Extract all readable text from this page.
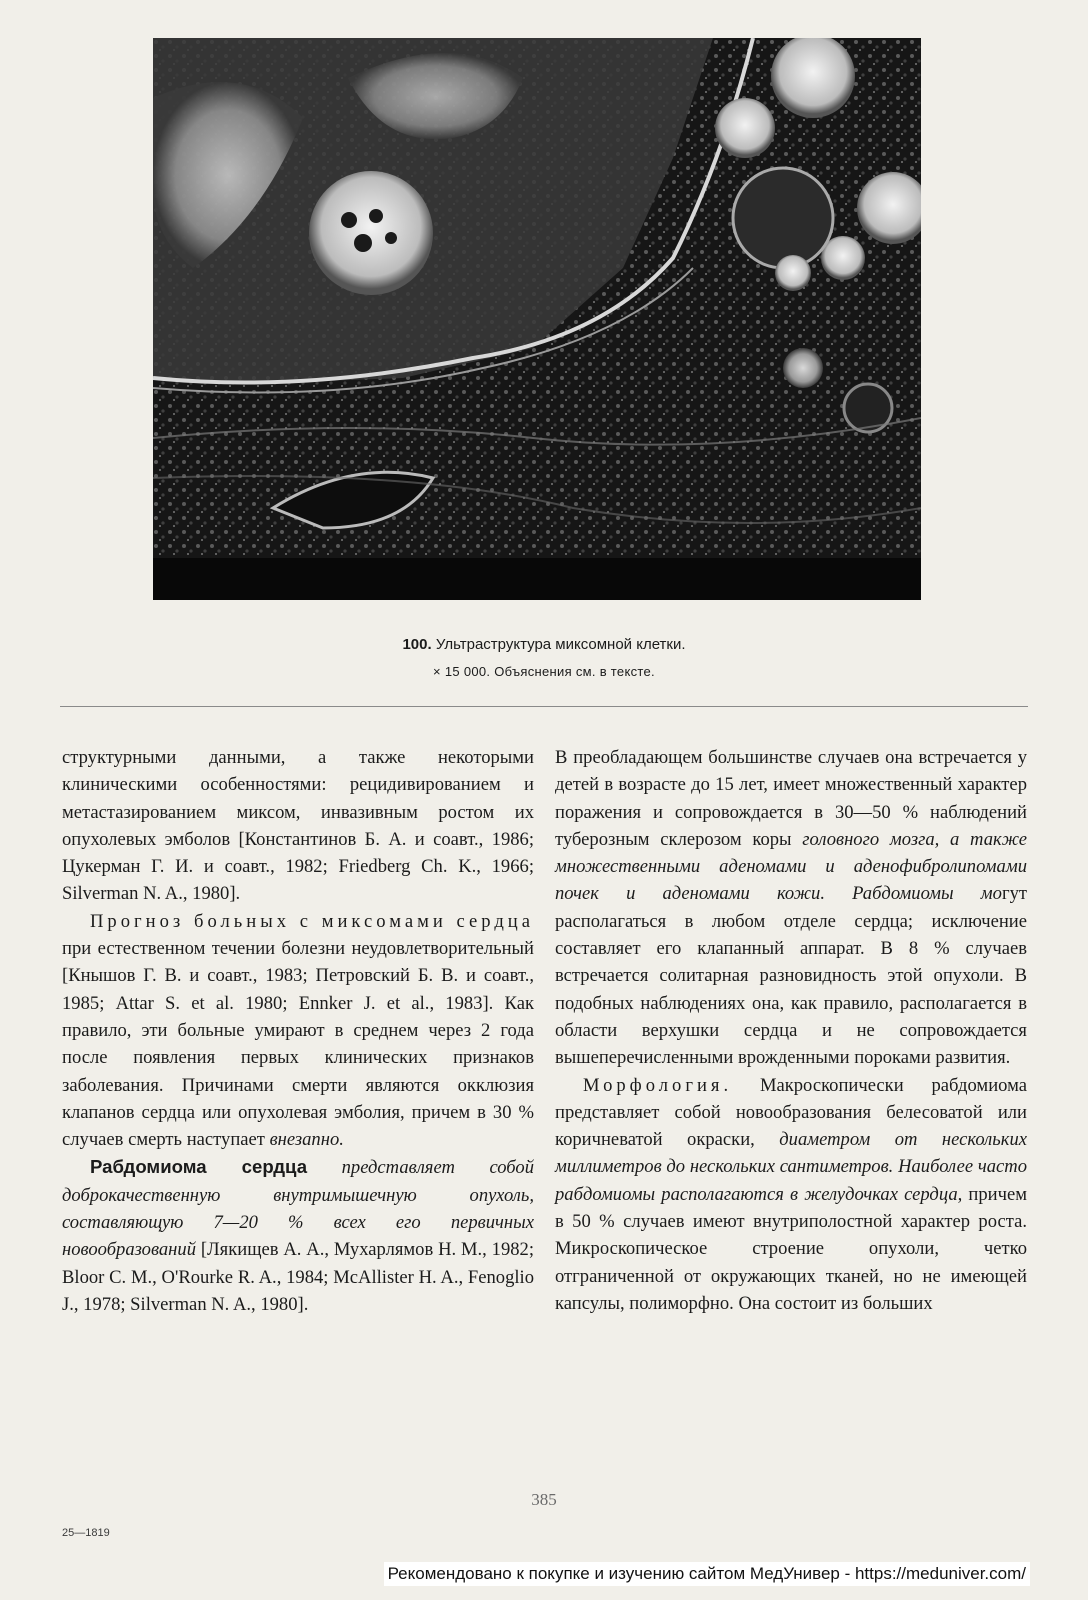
100. Ультраструктура миксомной клетки.
× 15 000. Объяснения см. в тексте.

структурными данными, а также некоторыми клиническими особенностями: рецидивированием и метастазированием миксом, инвазивным ростом их опухолевых эмболов [Константинов Б. А. и соавт., 1986; Цукерман Г. И. и соавт., 1982; Friedberg Ch. K., 1966; Silverman N. A., 1980].

Прогноз больных с миксомами сердца при естественном течении болезни неудовлетворительный [Кнышов Г. В. и соавт., 1983; Петровский Б. В. и соавт., 1985; Attar S. et al. 1980; Ennker J. et al., 1983]. Как правило, эти больные умирают в среднем через 2 года после появления первых клинических признаков заболевания. Причинами смерти являются окклюзия клапанов сердца или опухолевая эмболия, причем в 30 % случаев смерть наступает внезапно.

Рабдомиома сердца представляет собой доброкачественную внутримышечную опухоль, составляющую 7—20 % всех его первичных новообразований [Лякищев А. А., Мухарлямов Н. М., 1982; Bloor C. M., O'Rourke R. A., 1984; McAllister H. A., Fenoglio J., 1978; Silverman N. A., 1980].

В преобладающем большинстве случаев она встречается у детей в возрасте до 15 лет, имеет множественный характер поражения и сопровождается в 30—50 % наблюдений туберозным склерозом коры головного мозга, а также множественными аденомами и аденофибролипомами почек и аденомами кожи. Рабдомиомы могут располагаться в любом отделе сердца; исключение составляет его клапанный аппарат. В 8 % случаев встречается солитарная разновидность этой опухоли. В подобных наблюдениях она, как правило, располагается в области верхушки сердца и не сопровождается вышеперечисленными врожденными пороками развития.

Морфология. Макроскопически рабдомиома представляет собой новообразования белесоватой или коричневатой окраски, диаметром от нескольких миллиметров до нескольких сантиметров. Наиболее часто рабдомиомы располагаются в желудочках сердца, причем в 50 % случаев имеют внутриполостной характер роста. Микроскопическое строение опухоли, четко отграниченной от окружающих тканей, но не имеющей капсулы, полиморфно. Она состоит из больших

385
25—1819
Рекомендовано к покупке и изучению сайтом МедУнивер - https://meduniver.com/
